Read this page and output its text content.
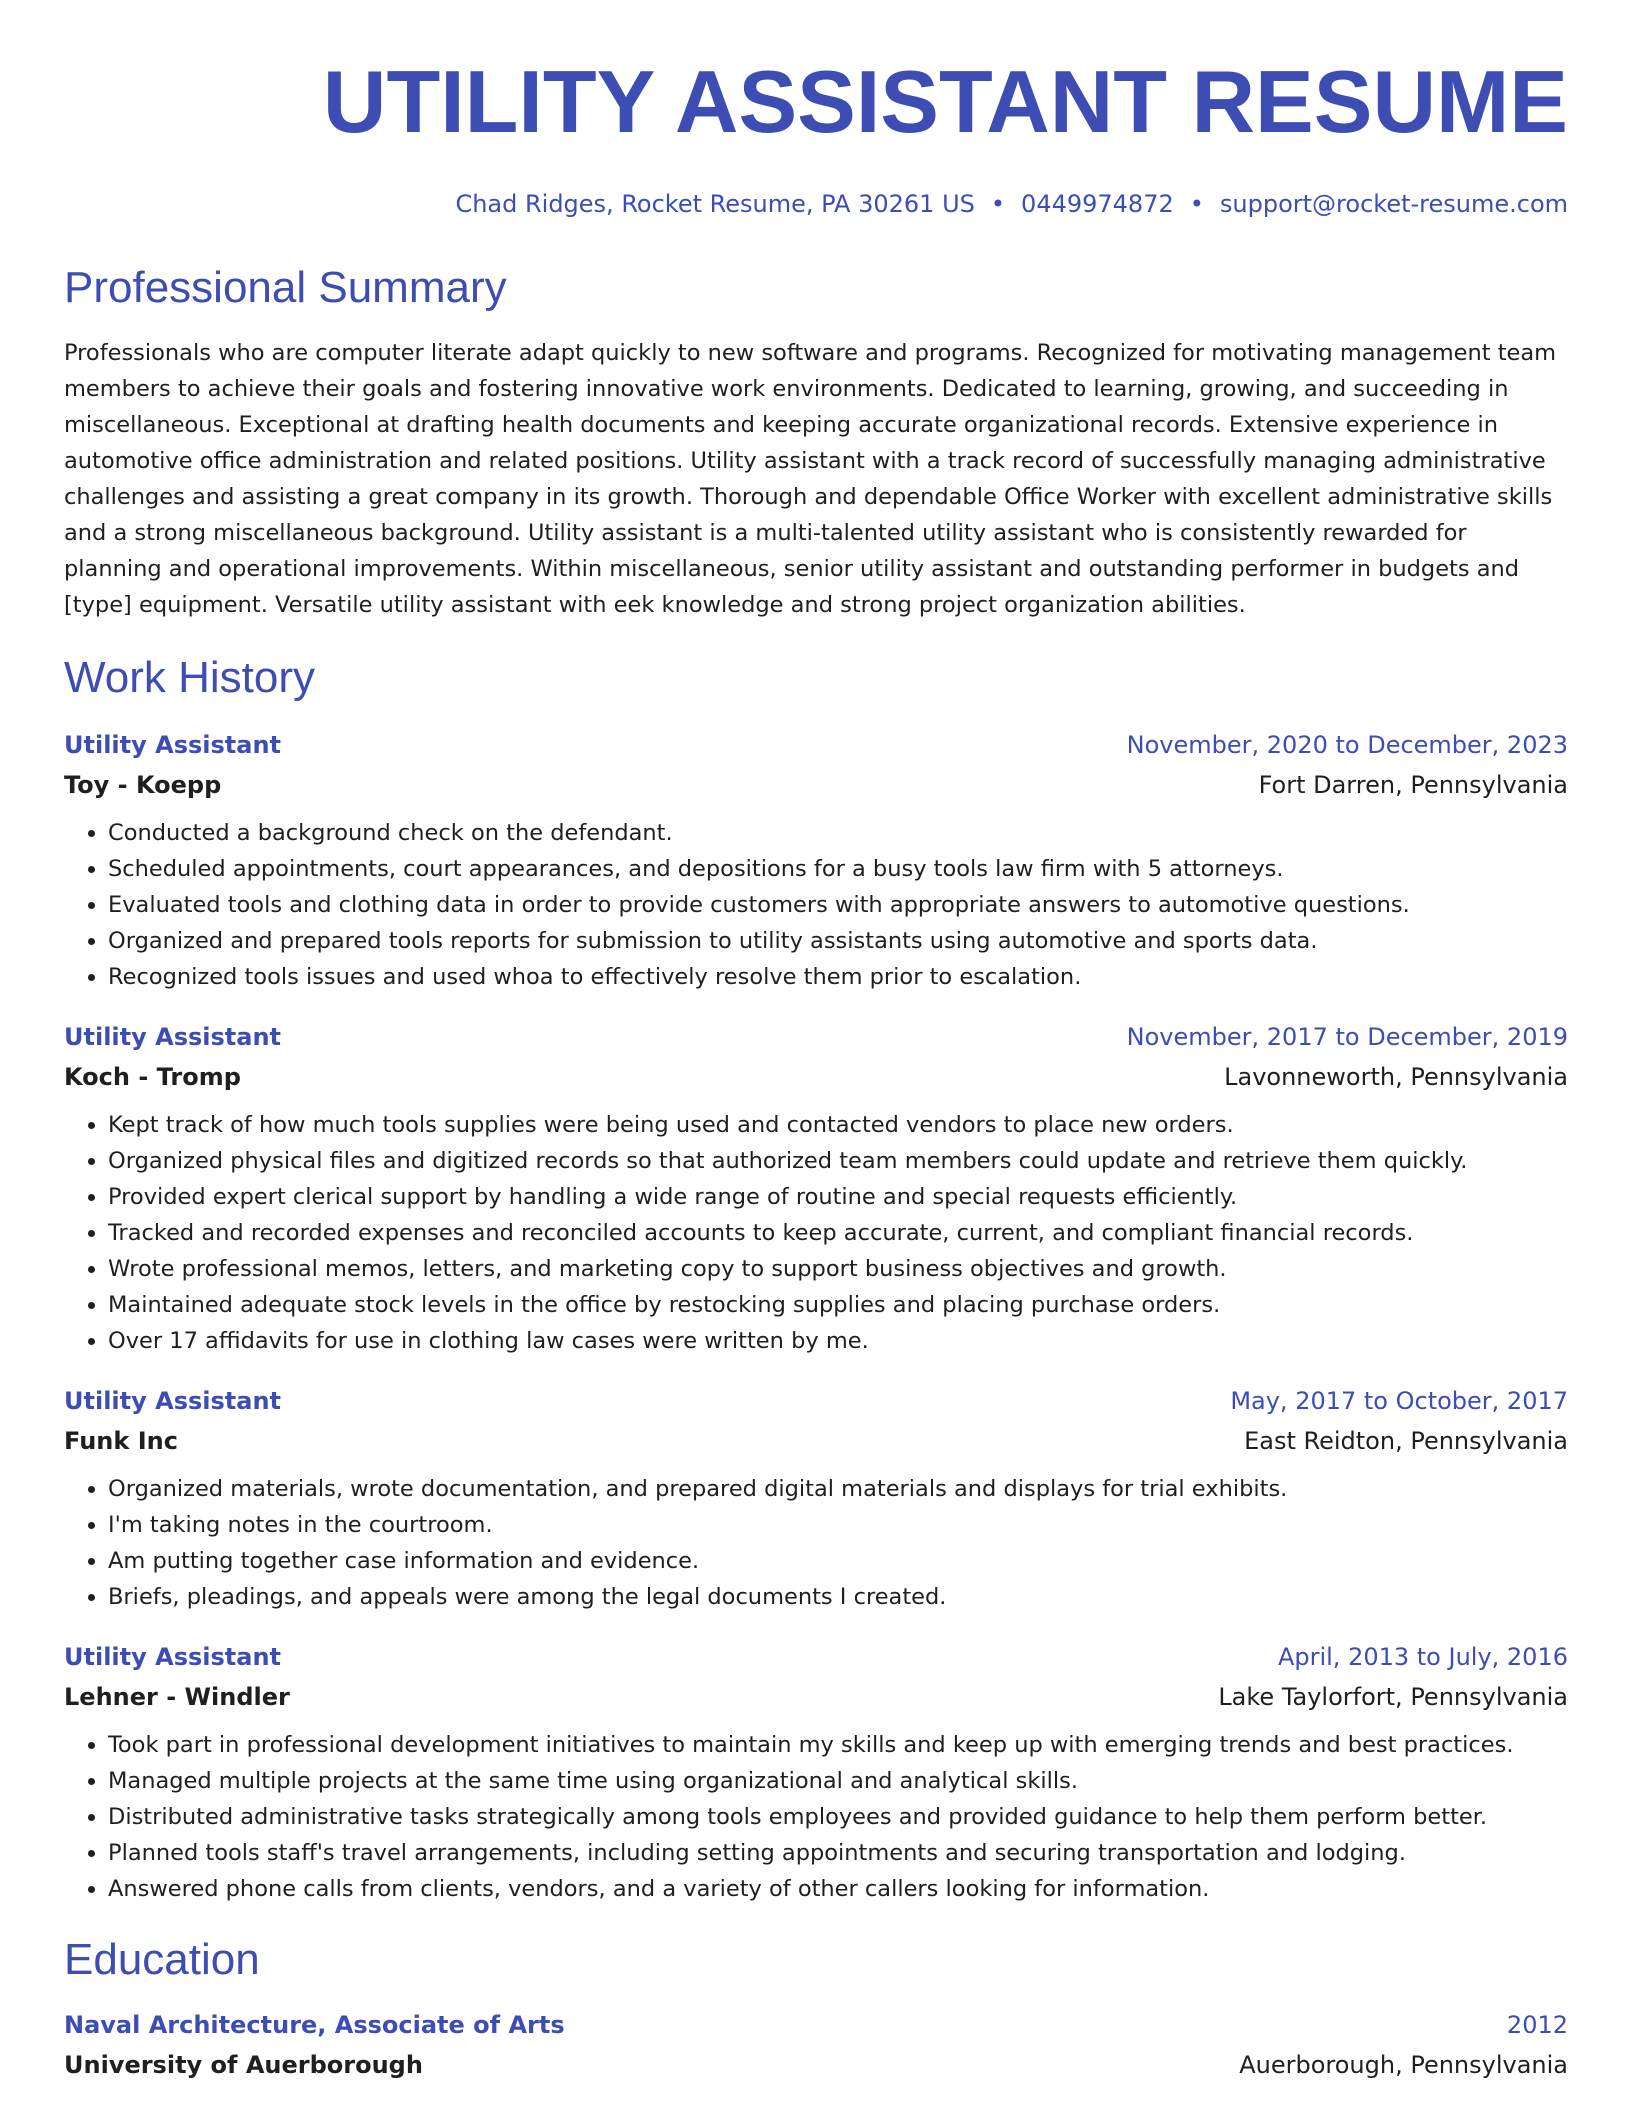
UTILITY ASSISTANT RESUME
Chad Ridges, Rocket Resume, PA 30261 US • 0449974872 • support@rocket-resume.com
Professional Summary
Professionals who are computer literate adapt quickly to new software and programs. Recognized for motivating management team members to achieve their goals and fostering innovative work environments. Dedicated to learning, growing, and succeeding in miscellaneous. Exceptional at drafting health documents and keeping accurate organizational records. Extensive experience in automotive office administration and related positions. Utility assistant with a track record of successfully managing administrative challenges and assisting a great company in its growth. Thorough and dependable Office Worker with excellent administrative skills and a strong miscellaneous background. Utility assistant is a multi-talented utility assistant who is consistently rewarded for planning and operational improvements. Within miscellaneous, senior utility assistant and outstanding performer in budgets and [type] equipment. Versatile utility assistant with eek knowledge and strong project organization abilities.
Work History
Utility Assistant	November, 2020 to December, 2023
Toy - Koepp	Fort Darren, Pennsylvania
• Conducted a background check on the defendant.
• Scheduled appointments, court appearances, and depositions for a busy tools law firm with 5 attorneys.
• Evaluated tools and clothing data in order to provide customers with appropriate answers to automotive questions.
• Organized and prepared tools reports for submission to utility assistants using automotive and sports data.
• Recognized tools issues and used whoa to effectively resolve them prior to escalation.
Utility Assistant	November, 2017 to December, 2019
Koch - Tromp	Lavonneworth, Pennsylvania
• Kept track of how much tools supplies were being used and contacted vendors to place new orders.
• Organized physical files and digitized records so that authorized team members could update and retrieve them quickly.
• Provided expert clerical support by handling a wide range of routine and special requests efficiently.
• Tracked and recorded expenses and reconciled accounts to keep accurate, current, and compliant financial records.
• Wrote professional memos, letters, and marketing copy to support business objectives and growth.
• Maintained adequate stock levels in the office by restocking supplies and placing purchase orders.
• Over 17 affidavits for use in clothing law cases were written by me.
Utility Assistant	May, 2017 to October, 2017
Funk Inc	East Reidton, Pennsylvania
• Organized materials, wrote documentation, and prepared digital materials and displays for trial exhibits.
• I'm taking notes in the courtroom.
• Am putting together case information and evidence.
• Briefs, pleadings, and appeals were among the legal documents I created.
Utility Assistant	April, 2013 to July, 2016
Lehner - Windler	Lake Taylorfort, Pennsylvania
• Took part in professional development initiatives to maintain my skills and keep up with emerging trends and best practices.
• Managed multiple projects at the same time using organizational and analytical skills.
• Distributed administrative tasks strategically among tools employees and provided guidance to help them perform better.
• Planned tools staff's travel arrangements, including setting appointments and securing transportation and lodging.
• Answered phone calls from clients, vendors, and a variety of other callers looking for information.
Education
Naval Architecture, Associate of Arts	2012
University of Auerborough	Auerborough, Pennsylvania
